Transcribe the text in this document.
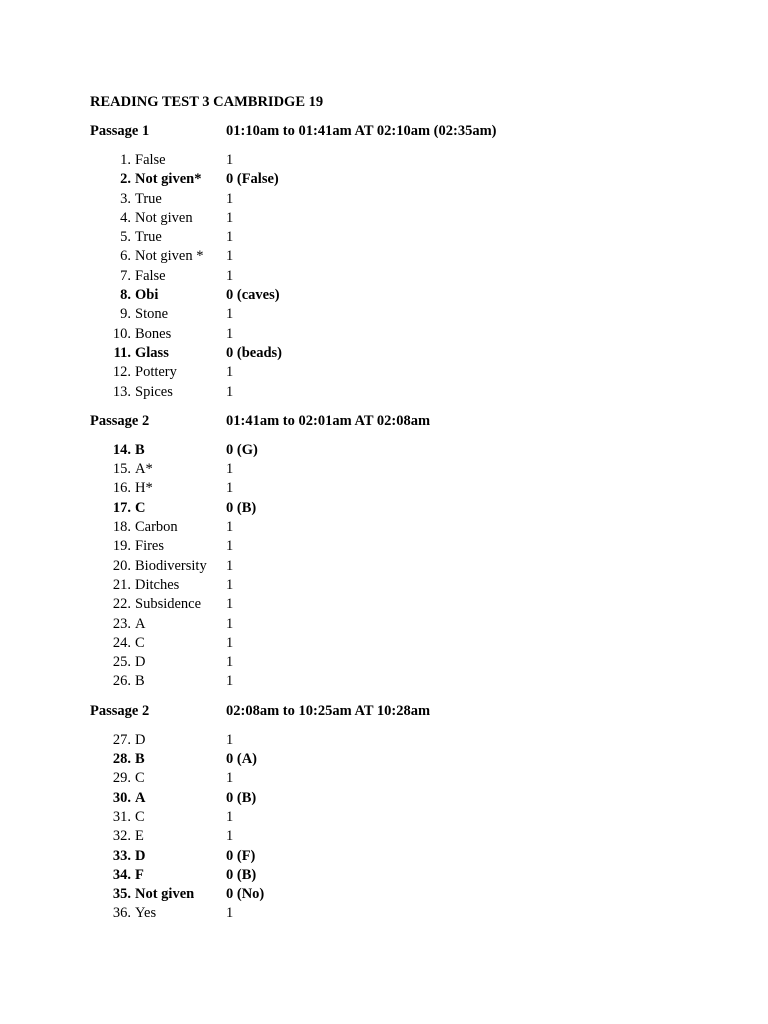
READING TEST 3 CAMBRIDGE 19
Passage 1	01:10am to 01:41am AT 02:10am (02:35am)
1. False	1
2. Not given*	0 (False)
3. True	1
4. Not given	1
5. True	1
6. Not given *	1
7. False	1
8. Obi	0 (caves)
9. Stone	1
10. Bones	1
11. Glass	0 (beads)
12. Pottery	1
13. Spices	1
Passage 2	01:41am to 02:01am AT 02:08am
14. B	0 (G)
15. A*	1
16. H*	1
17. C	0 (B)
18. Carbon	1
19. Fires	1
20. Biodiversity	1
21. Ditches	1
22. Subsidence	1
23. A	1
24. C	1
25. D	1
26. B	1
Passage 2	02:08am to 10:25am AT 10:28am
27. D	1
28. B	0 (A)
29. C	1
30. A	0 (B)
31. C	1
32. E	1
33. D	0 (F)
34. F	0 (B)
35. Not given	0 (No)
36. Yes	1
